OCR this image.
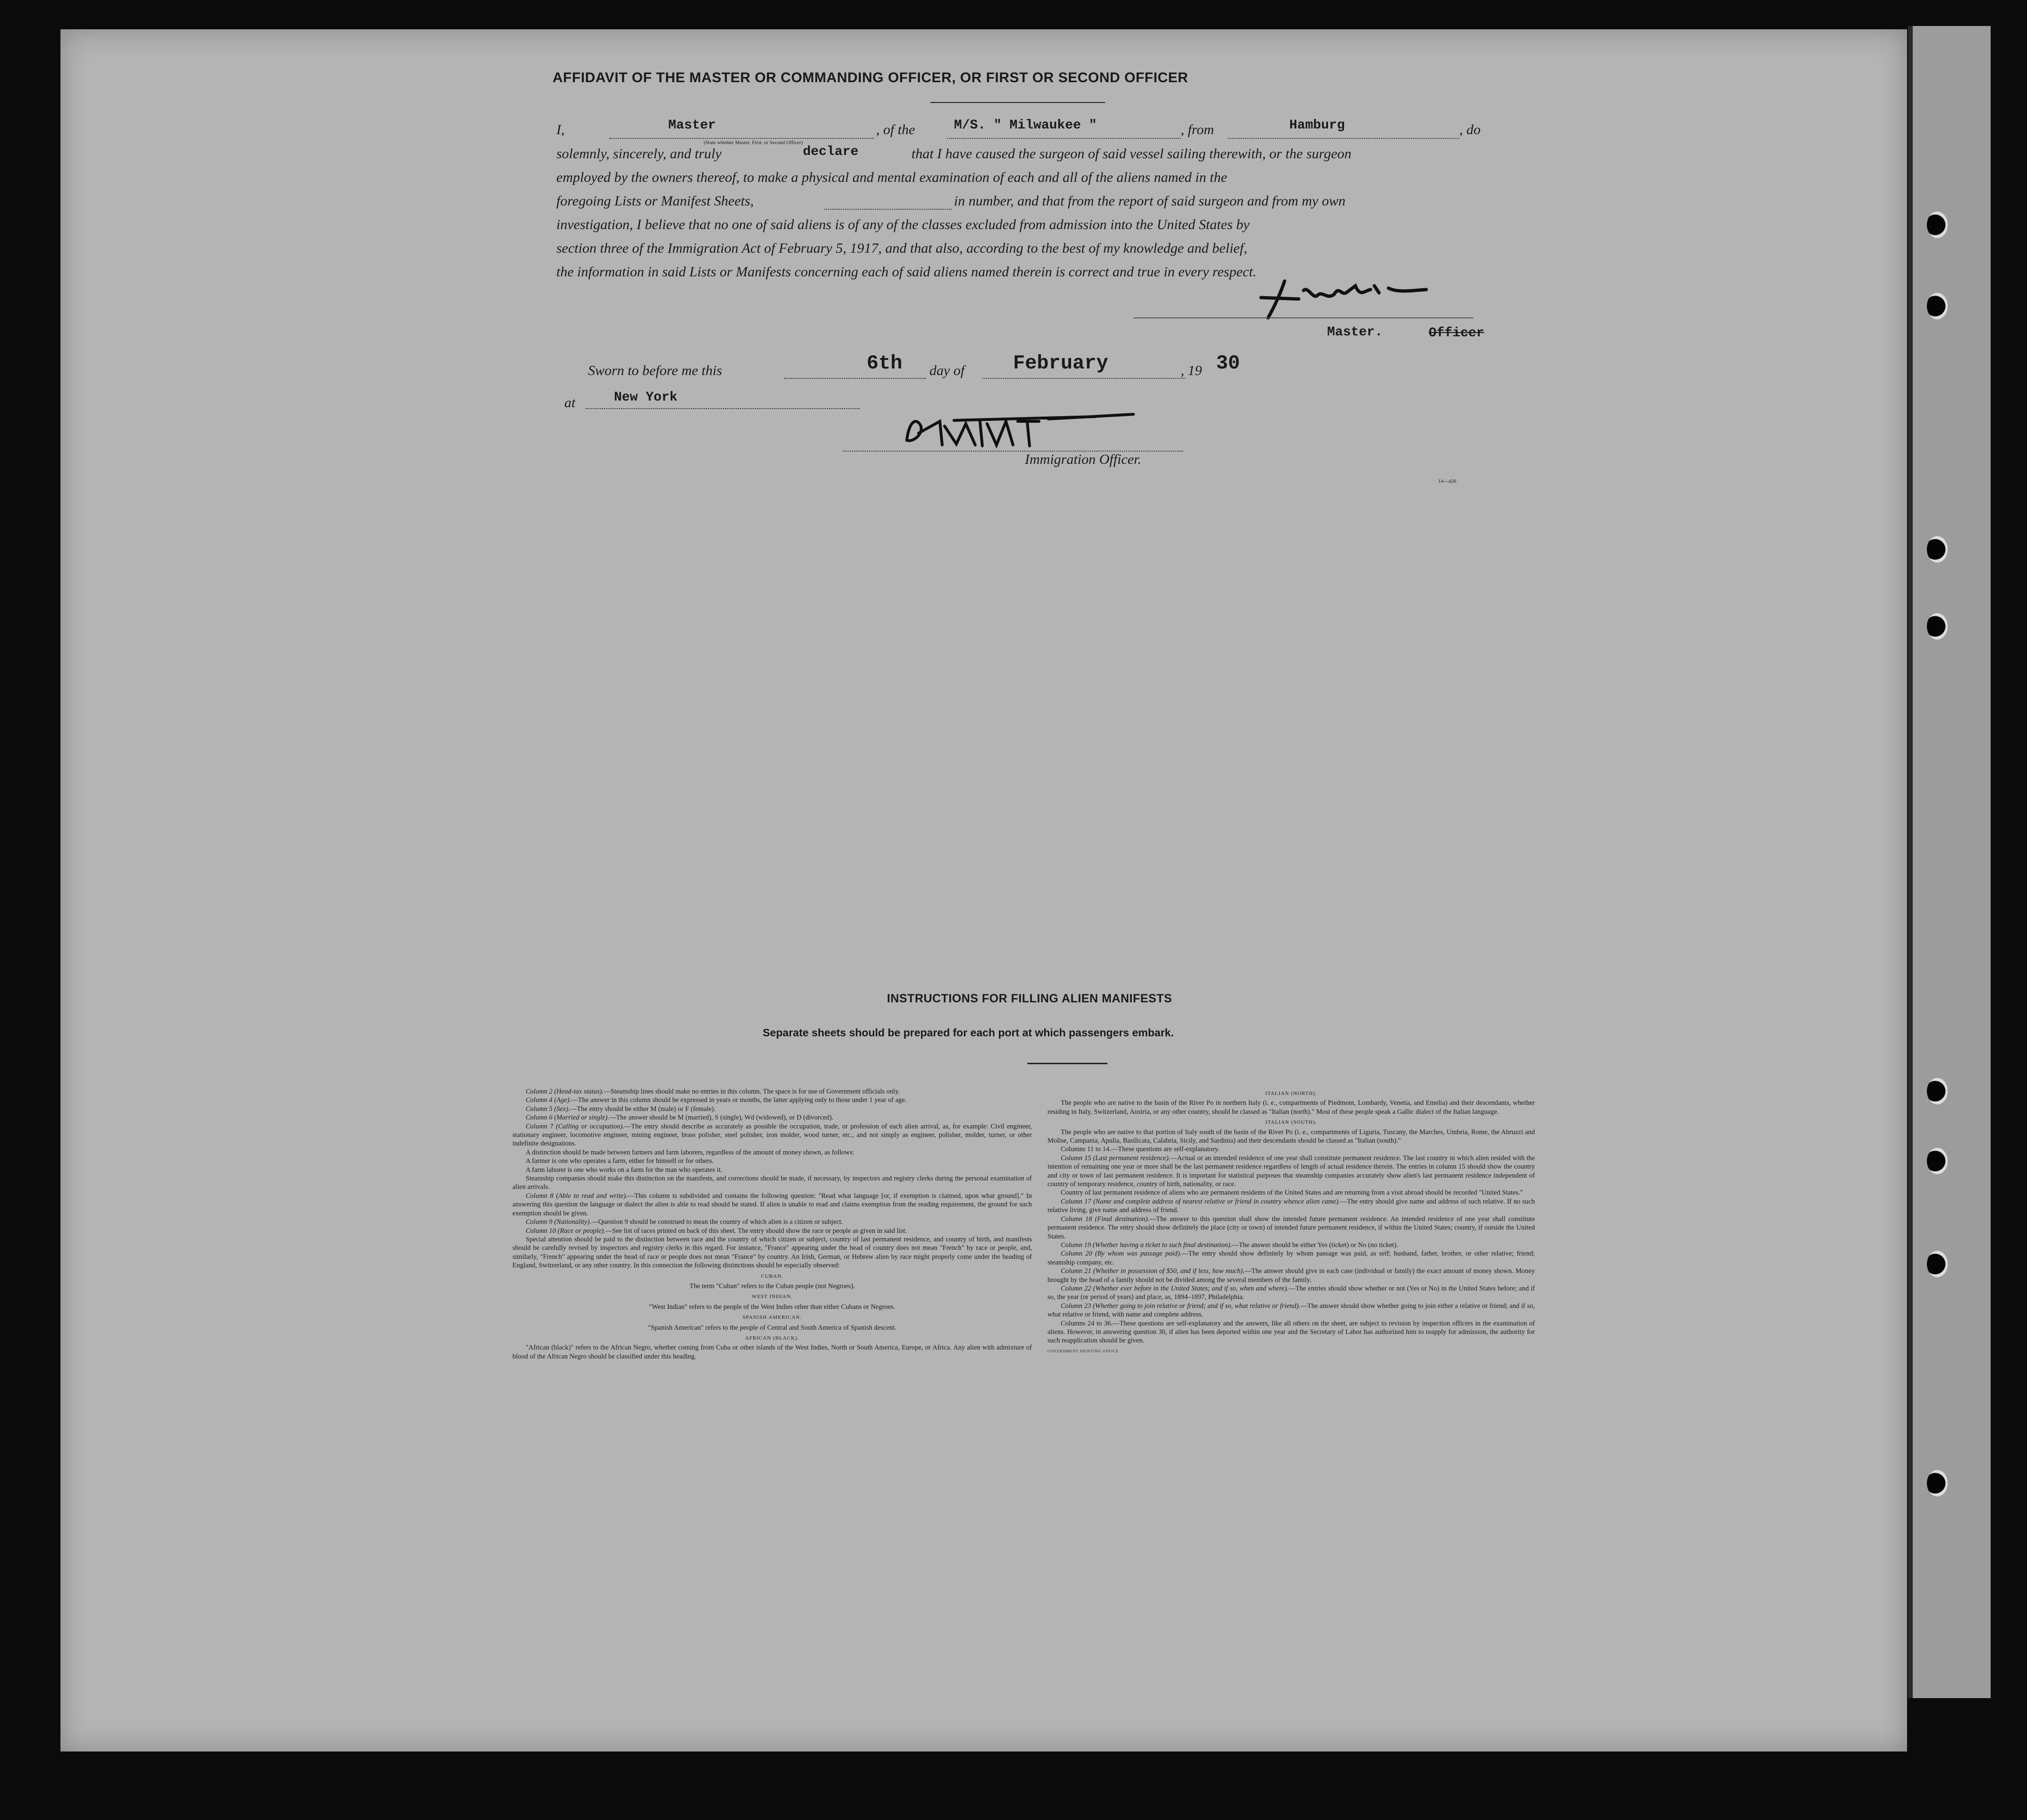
AFFIDAVIT OF THE MASTER OR COMMANDING OFFICER, OR FIRST OR SECOND OFFICER
I,	Master
(State whether Master, First, or Second Officer)
, of the	M/S. " Milwaukee "	, from	Hamburg	, do
solemnly, sincerely, and truly	declare	that I have caused the surgeon of said vessel sailing therewith, or the surgeon
employed by the owners thereof, to make a physical and mental examination of each and all of the aliens named in the
foregoing Lists or Manifest Sheets,	in number, and that from the report of said surgeon and from my own
investigation, I believe that no one of said aliens is of any of the classes excluded from admission into the United States by
section three of the Immigration Act of February 5, 1917, and that also, according to the best of my knowledge and belief,
the information in said Lists or Manifests concerning each of said aliens named therein is correct and true in every respect.
Master.	Officer
Sworn to before me this	6th day of February	, 19 30
at	New York
Immigration Officer.
14—426
INSTRUCTIONS FOR FILLING ALIEN MANIFESTS
Separate sheets should be prepared for each port at which passengers embark.

Column 2 (Head-tax status).—Steamship lines should make no entries in this column. The space is for use of Government officials only.

Column 4 (Age).—The answer in this column should be expressed in years or months, the latter applying only to those under 1 year of age.

Column 5 (Sex).—The entry should be either M (male) or F (female).

Column 6 (Married or single).—The answer should be M (married), S (single), Wd (widowed), or D (divorced).

Column 7 (Calling or occupation).—The entry should describe as accurately as possible the occupation, trade, or profession of each alien arrival, as, for example: Civil engineer, stationary engineer, locomotive engineer, mining engineer, brass polisher, steel polisher, iron molder, wood turner, etc., and not simply as engineer, polisher, molder, turner, or other indefinite designations.

A distinction should be made between farmers and farm laborers, regardless of the amount of money shown, as follows:

A farmer is one who operates a farm, either for himself or for others.

A farm laborer is one who works on a farm for the man who operates it.

Steamship companies should make this distinction on the manifests, and corrections should be made, if necessary, by inspectors and registry clerks during the personal examination of alien arrivals.

Column 8 (Able to read and write).—This column is subdivided and contains the following question: "Read what language [or, if exemption is claimed, upon what ground]." In answering this question the language or dialect the alien is able to read should be stated. If alien is unable to read and claims exemption from the reading requirement, the ground for such exemption should be given.

Column 9 (Nationality).—Question 9 should be construed to mean the country of which alien is a citizen or subject.

Column 10 (Race or people).—See list of races printed on back of this sheet. The entry should show the race or people as given in said list.

Special attention should be paid to the distinction between race and the country of which citizen or subject, country of last permanent residence, and country of birth, and manifests should be carefully revised by inspectors and registry clerks in this regard. For instance, "France" appearing under the head of country does not mean "French" by race or people, and, similarly, "French" appearing under the head of race or people does not mean "France" by country. An Irish, German, or Hebrew alien by race might properly come under the heading of England, Switzerland, or any other country. In this connection the following distinctions should be especially observed:

CUBAN.

The term "Cuban" refers to the Cuban people (not Negroes).

WEST INDIAN.

"West Indian" refers to the people of the West Indies other than either Cubans or Negroes.

SPANISH AMERICAN.

"Spanish American" refers to the people of Central and South America of Spanish descent.

AFRICAN (BLACK).

"African (black)" refers to the African Negro, whether coming from Cuba or other islands of the West Indies, North or South America, Europe, or Africa. Any alien with admixture of blood of the African Negro should be classified under this heading.

ITALIAN (NORTH).

The people who are native to the basin of the River Po in northern Italy (i. e., compartments of Piedmont, Lombardy, Venetia, and Emelia) and their descendants, whether residing in Italy, Switzerland, Austria, or any other country, should be classed as "Italian (north)." Most of these people speak a Gallic dialect of the Italian language.

ITALIAN (SOUTH).

The people who are native to that portion of Italy south of the basin of the River Po (i. e., compartments of Liguria, Tuscany, the Marches, Umbria, Rome, the Abruzzi and Molise, Campania, Apulia, Basilicata, Calabria, Sicily, and Sardinia) and their descendants should be classed as "Italian (south)."

Columns 11 to 14.—These questions are self-explanatory.

Column 15 (Last permanent residence).—Actual or an intended residence of one year shall constitute permanent residence. The last country in which alien resided with the intention of remaining one year or more shall be the last permanent residence regardless of length of actual residence therein. The entries in column 15 should show the country and city or town of last permanent residence. It is important for statistical purposes that steamship companies accurately show alien's last permanent residence independent of country of temporary residence, country of birth, nationality, or race.

Country of last permanent residence of aliens who are permanent residents of the United States and are returning from a visit abroad should be recorded "United States."

Column 17 (Name and complete address of nearest relative or friend in country whence alien came).—The entry should give name and address of such relative. If no such relative living, give name and address of friend.

Column 18 (Final destination).—The answer to this question shall show the intended future permanent residence. An intended residence of one year shall constitute permanent residence. The entry should show definitely the place (city or town) of intended future permanent residence, if within the United States; country, if outside the United States.

Column 19 (Whether having a ticket to such final destination).—The answer should be either Yes (ticket) or No (no ticket).

Column 20 (By whom was passage paid).—The entry should show definitely by whom passage was paid, as self; husband, father, brother, or other relative; friend; steamship company, etc.

Column 21 (Whether in possession of $50, and if less, how much).—The answer should give in each case (individual or family) the exact amount of money shown. Money brought by the head of a family should not be divided among the several members of the family.

Column 22 (Whether ever before in the United States; and if so, when and where).—The entries should show whether or not (Yes or No) in the United States before; and if so, the year (or period of years) and place, as, 1894–1897, Philadelphia.

Column 23 (Whether going to join relative or friend; and if so, what relative or friend).—The answer should show whether going to join either a relative or friend; and if so, what relative or friend, with name and complete address.

Columns 24 to 36.—These questions are self-explanatory and the answers, like all others on the sheet, are subject to revision by inspection officers in the examination of aliens. However, in answering question 30, if alien has been deported within one year and the Secretary of Labor has authorized him to reapply for admission, the authority for such reapplication should be given.

GOVERNMENT PRINTING OFFICE
